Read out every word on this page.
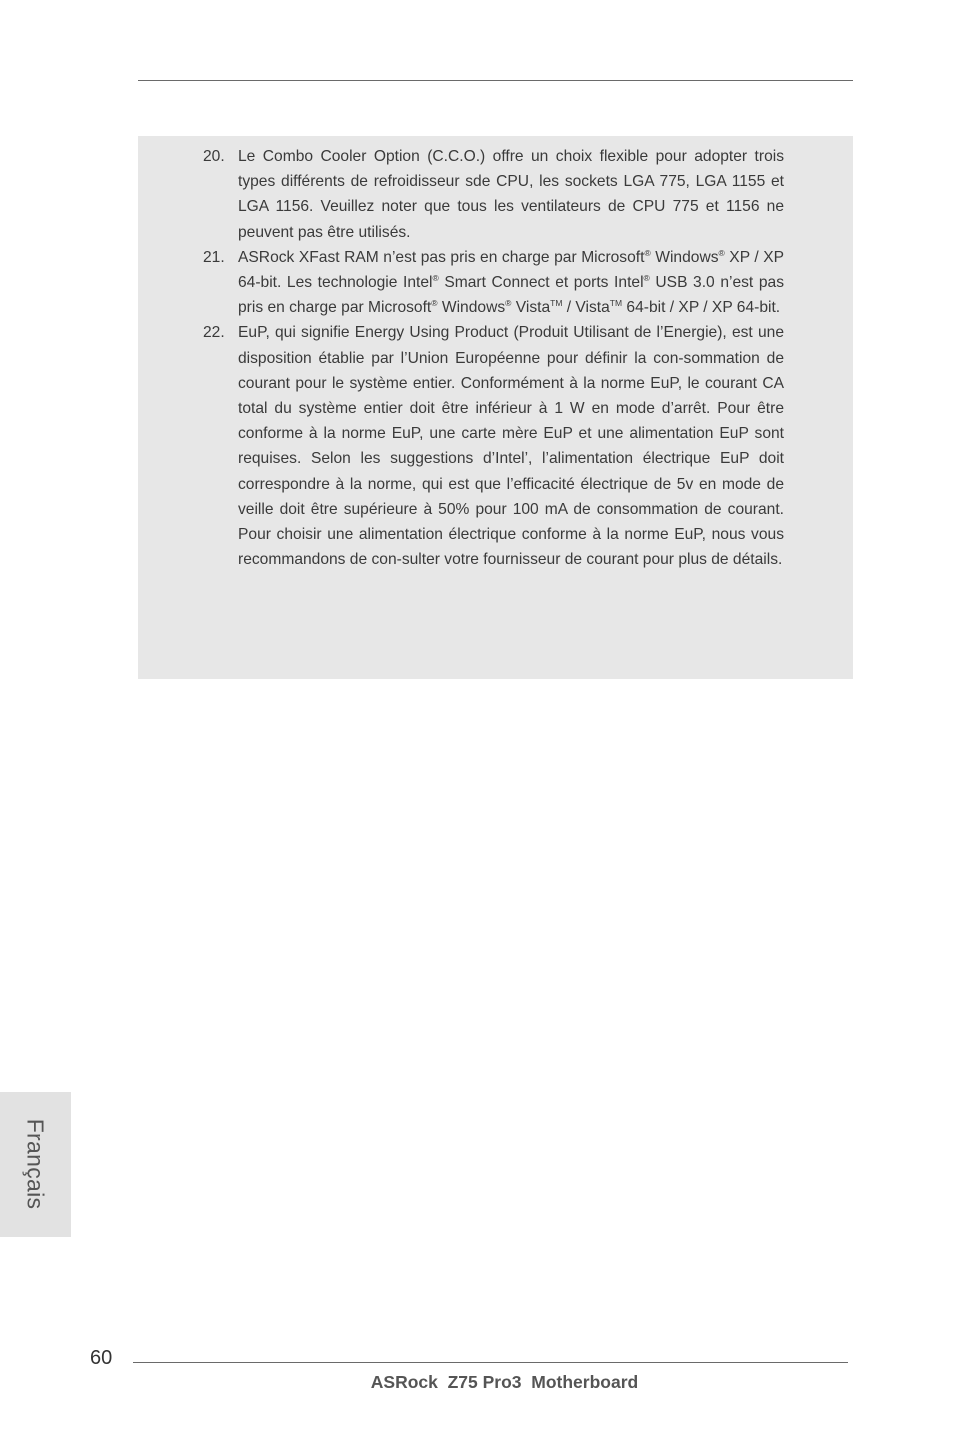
20. Le Combo Cooler Option (C.C.O.) offre un choix flexible pour adopter trois types différents de refroidisseur sde CPU, les sockets LGA 775, LGA 1155 et LGA 1156. Veuillez noter que tous les ventilateurs de CPU 775 et 1156 ne peuvent pas être utilisés.
21. ASRock XFast RAM n’est pas pris en charge par Microsoft® Windows® XP / XP 64-bit. Les technologie Intel® Smart Connect et ports Intel® USB 3.0 n’est pas pris en charge par Microsoft® Windows® Vista™ / Vista™ 64-bit / XP / XP 64-bit.
22. EuP, qui signifie Energy Using Product (Produit Utilisant de l’Energie), est une disposition établie par l’Union Européenne pour définir la con-sommation de courant pour le système entier. Conformément à la norme EuP, le courant CA total du système entier doit être inférieur à 1 W en mode d’arrêt. Pour être conforme à la norme EuP, une carte mère EuP et une alimentation EuP sont requises. Selon les suggestions d’Intel’, l’alimentation électrique EuP doit correspondre à la norme, qui est que l’efficacité électrique de 5v en mode de veille doit être supérieure à 50% pour 100 mA de consommation de courant. Pour choisir une alimentation électrique conforme à la norme EuP, nous vous recommandons de con-sulter votre fournisseur de courant pour plus de détails.
Français
60
ASRock  Z75 Pro3  Motherboard
